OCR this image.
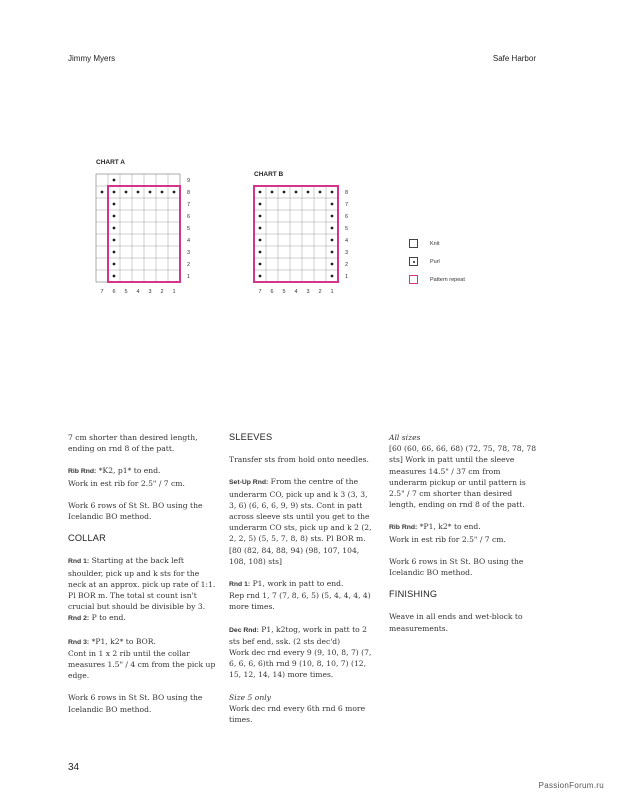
Jimmy Myers	Safe Harbor
CHART A
9
8
7
6
5
4
3
2
1
7 6 5 4 3 2 1
CHART B
8
7
6
5
4
3
2
1
7 6 5 4 3 2 1
Knit
Purl
Pattern repeat

7 cm shorter than desired length, ending on rnd 8 of the patt.

Rib Rnd: *K2, p1* to end.
Work in est rib for 2.5" / 7 cm.

Work 6 rows of St St. BO using the Icelandic BO method.

COLLAR

Rnd 1: Starting at the back left shoulder, pick up and k sts for the neck at an approx. pick up rate of 1:1. Pl BOR m. The total st count isn't crucial but should be divisible by 3.

Rnd 2: P to end.

Rnd 3: *P1, k2* to BOR.
Cont in 1 x 2 rib until the collar measures 1.5" / 4 cm from the pick up edge.

Work 6 rows in St St. BO using the Icelandic BO method.

SLEEVES

Transfer sts from hold onto needles.

Set-Up Rnd: From the centre of the underarm CO, pick up and k 3 (3, 3, 3, 6) (6, 6, 6, 9, 9) sts. Cont in patt across sleeve sts until you get to the underarm CO sts, pick up and k 2 (2, 2, 2, 5) (5, 5, 7, 8, 8) sts. Pl BOR m. [80 (82, 84, 88, 94) (98, 107, 104, 108, 108) sts]

Rnd 1: P1, work in patt to end.
Rep rnd 1, 7 (7, 8, 6, 5) (5, 4, 4, 4, 4) more times.

Dec Rnd: P1, k2tog, work in patt to 2 sts bef end, ssk. (2 sts dec'd)
Work dec rnd every 9 (9, 10, 8, 7) (7, 6, 6, 6, 6)th rnd 9 (10, 8, 10, 7) (12, 15, 12, 14, 14) more times.

Size 5 only
Work dec rnd every 6th rnd 6 more times.

All sizes
[60 (60, 66, 66, 68) (72, 75, 78, 78, 78 sts] Work in patt until the sleeve measures 14.5" / 37 cm from underarm pickup or until pattern is 2.5" / 7 cm shorter than desired length, ending on rnd 8 of the patt.

Rib Rnd: *P1, k2* to end.
Work in est rib for 2.5" / 7 cm.

Work 6 rows in St St. BO using the Icelandic BO method.

FINISHING

Weave in all ends and wet-block to measurements.

34
PassionForum.ru
